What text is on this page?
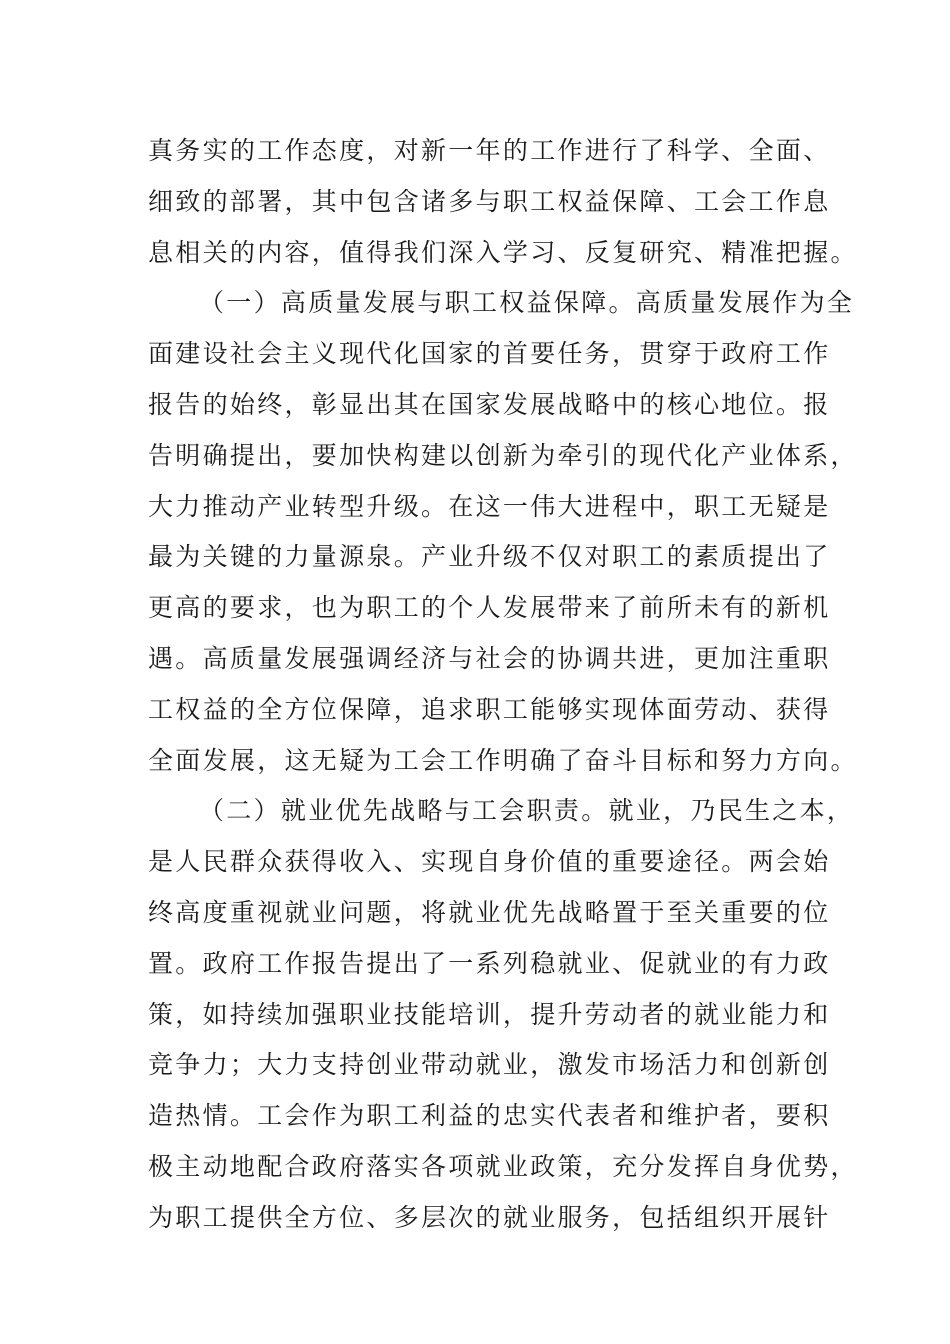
真务实的工作态度，对新一年的工作进行了科学、全面、
细致的部署，其中包含诸多与职工权益保障、工会工作息
息相关的内容，值得我们深入学习、反复研究、精准把握。
（一）高质量发展与职工权益保障。高质量发展作为全
面建设社会主义现代化国家的首要任务，贯穿于政府工作
报告的始终，彰显出其在国家发展战略中的核心地位。报
告明确提出，要加快构建以创新为牵引的现代化产业体系，
大力推动产业转型升级。在这一伟大进程中，职工无疑是
最为关键的力量源泉。产业升级不仅对职工的素质提出了
更高的要求，也为职工的个人发展带来了前所未有的新机
遇。高质量发展强调经济与社会的协调共进，更加注重职
工权益的全方位保障，追求职工能够实现体面劳动、获得
全面发展，这无疑为工会工作明确了奋斗目标和努力方向。
（二）就业优先战略与工会职责。就业，乃民生之本，
是人民群众获得收入、实现自身价值的重要途径。两会始
终高度重视就业问题，将就业优先战略置于至关重要的位
置。政府工作报告提出了一系列稳就业、促就业的有力政
策，如持续加强职业技能培训，提升劳动者的就业能力和
竞争力；大力支持创业带动就业，激发市场活力和创新创
造热情。工会作为职工利益的忠实代表者和维护者，要积
极主动地配合政府落实各项就业政策，充分发挥自身优势，
为职工提供全方位、多层次的就业服务，包括组织开展针
